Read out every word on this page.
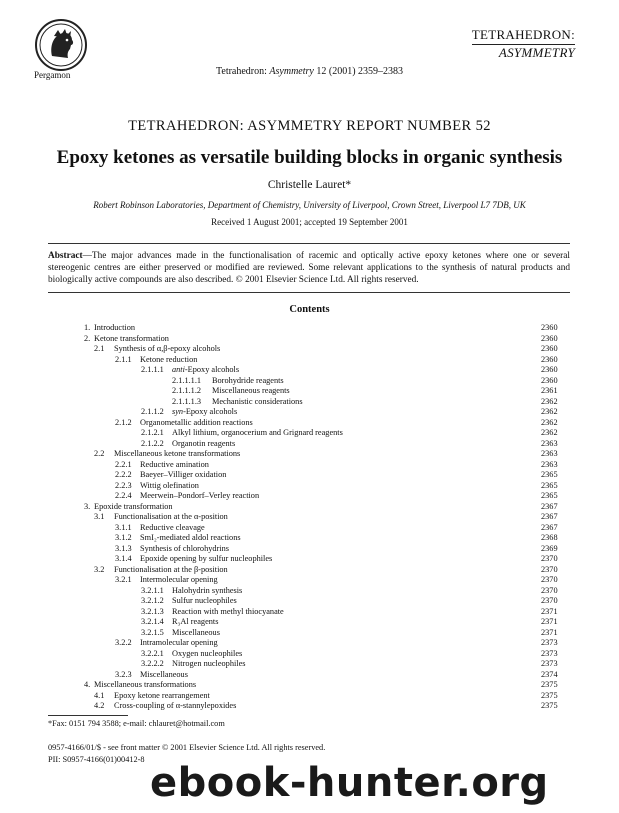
Pergamon	Tetrahedron: Asymmetry 12 (2001) 2359–2383
TETRAHEDRON:
ASYMMETRY
TETRAHEDRON: ASYMMETRY REPORT NUMBER 52
Epoxy ketones as versatile building blocks in organic synthesis
Christelle Lauret*
Robert Robinson Laboratories, Department of Chemistry, University of Liverpool, Crown Street, Liverpool L7 7DB, UK
Received 1 August 2001; accepted 19 September 2001
Abstract—The major advances made in the functionalisation of racemic and optically active epoxy ketones where one or several stereogenic centres are either preserved or modified are reviewed. Some relevant applications to the synthesis of natural products and biologically active compounds are also described. © 2001 Elsevier Science Ltd. All rights reserved.
Contents
1. Introduction	2360
2. Ketone transformation	2360
2.1 Synthesis of α,β-epoxy alcohols	2360
2.1.1 Ketone reduction	2360
2.1.1.1 anti-Epoxy alcohols	2360
2.1.1.1.1 Borohydride reagents	2360
2.1.1.1.2 Miscellaneous reagents	2361
2.1.1.1.3 Mechanistic considerations	2362
2.1.1.2 syn-Epoxy alcohols	2362
2.1.2 Organometallic addition reactions	2362
2.1.2.1 Alkyl lithium, organocerium and Grignard reagents	2362
2.1.2.2 Organotin reagents	2363
2.2 Miscellaneous ketone transformations	2363
2.2.1 Reductive amination	2363
2.2.2 Baeyer–Villiger oxidation	2365
2.2.3 Wittig olefination	2365
2.2.4 Meerwein–Pondorf–Verley reaction	2365
3. Epoxide transformation	2367
3.1 Functionalisation at the α-position	2367
3.1.1 Reductive cleavage	2367
3.1.2 SmI₂-mediated aldol reactions	2368
3.1.3 Synthesis of chlorohydrins	2369
3.1.4 Epoxide opening by sulfur nucleophiles	2370
3.2 Functionalisation at the β-position	2370
3.2.1 Intermolecular opening	2370
3.2.1.1 Halohydrin synthesis	2370
3.2.1.2 Sulfur nucleophiles	2370
3.2.1.3 Reaction with methyl thiocyanate	2371
3.2.1.4 R₃Al reagents	2371
3.2.1.5 Miscellaneous	2371
3.2.2 Intramolecular opening	2373
3.2.2.1 Oxygen nucleophiles	2373
3.2.2.2 Nitrogen nucleophiles	2373
3.2.3 Miscellaneous	2374
4. Miscellaneous transformations	2375
4.1 Epoxy ketone rearrangement	2375
4.2 Cross-coupling of α-stannylepoxides	2375
*Fax: 0151 794 3588; e-mail: chlauret@hotmail.com
0957-4166/01/$ - see front matter © 2001 Elsevier Science Ltd. All rights reserved.
PII: S0957-4166(01)00412-8
ebook-hunter.org
